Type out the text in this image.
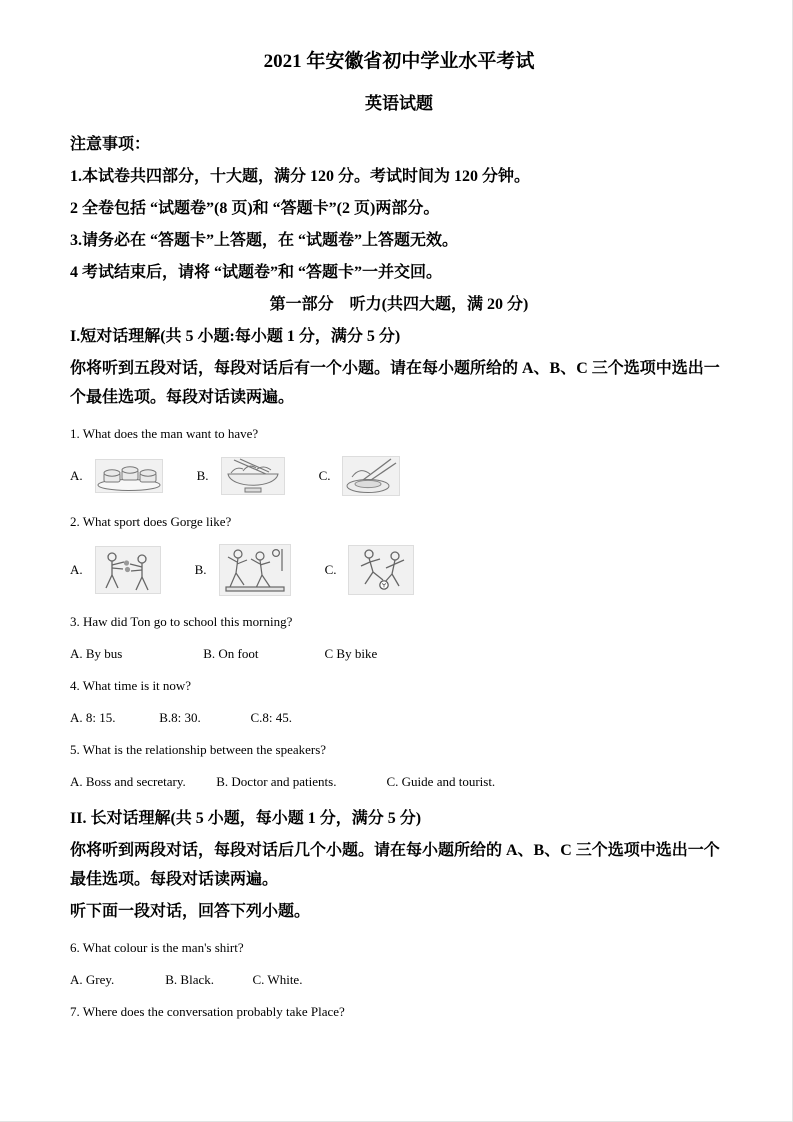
2021 年安徽省初中学业水平考试
英语试题

注意事项：

1.本试卷共四部分，十大题，满分 120 分。考试时间为 120 分钟。

2 全卷包括 “试题卷”(8 页)和 “答题卡”(2 页)两部分。

3.请务必在 “答题卡”上答题，在 “试题卷”上答题无效。

4 考试结束后，请将 “试题卷”和 “答题卡”一并交回。

第一部分　听力(共四大题，满 20 分)

I.短对话理解(共 5 小题:每小题 1 分，满分 5 分)

你将听到五段对话，每段对话后有一个小题。请在每小题所给的 A、B、C 三个选项中选出一个最佳选项。每段对话读两遍。

1. What does the man want to have?

A.	B.	C.

2. What sport does Gorge like?

A.	B.	C.

3. Haw did Ton go to school this morning?

A. By bus	B. On foot	C By bike

4. What time is it now?

A. 8: 15.	B.8: 30.	C.8: 45.

5. What is the relationship between the speakers?

A. Boss and secretary. B. Doctor and patients.	C. Guide and tourist.

II. 长对话理解(共 5 小题，每小题 1 分，满分 5 分)

你将听到两段对话，每段对话后几个小题。请在每小题所给的 A、B、C 三个选项中选出一个最佳选项。每段对话读两遍。

听下面一段对话，回答下列小题。

6. What colour is the man's shirt?

A. Grey.	B. Black.	C. White.

7. Where does the conversation probably take Place?
